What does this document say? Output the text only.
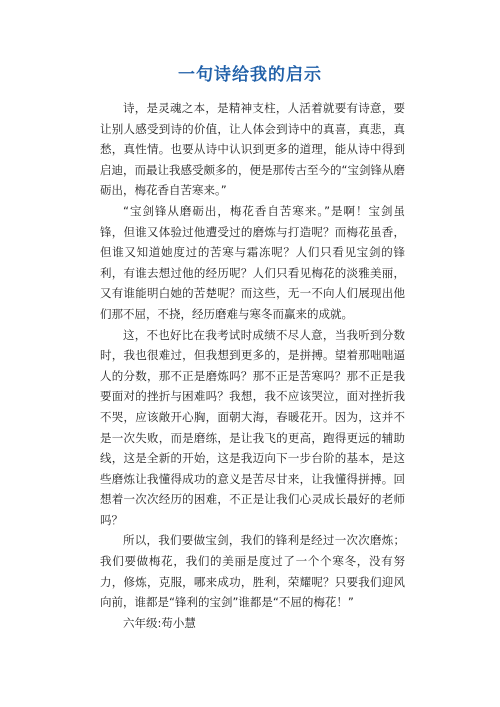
一句诗给我的启示

诗，是灵魂之本，是精神支柱，人活着就要有诗意，要让别人感受到诗的价值，让人体会到诗中的真喜，真悲，真愁，真性情。也要从诗中认识到更多的道理，能从诗中得到启迪，而最让我感受颇多的，便是那传古至今的“宝剑锋从磨砺出，梅花香自苦寒来。”

“宝剑锋从磨砺出，梅花香自苦寒来。”是啊！宝剑虽锋，但谁又体验过他遭受过的磨炼与打造呢？而梅花虽香，但谁又知道她度过的苦寒与霜冻呢？人们只看见宝剑的锋利，有谁去想过他的经历呢？人们只看见梅花的淡雅美丽，又有谁能明白她的苦楚呢？而这些，无一不向人们展现出他们那不屈，不挠，经历磨难与寒冬而赢来的成就。

这，不也好比在我考试时成绩不尽人意，当我听到分数时，我也很难过，但我想到更多的，是拼搏。望着那咄咄逼人的分数，那不正是磨炼吗？那不正是苦寒吗？那不正是我要面对的挫折与困难吗？我想，我不应该哭泣，面对挫折我不哭，应该敞开心胸，面朝大海，春暖花开。因为，这并不是一次失败，而是磨练，是让我飞的更高，跑得更远的辅助线，这是全新的开始，这是我迈向下一步台阶的基本，是这些磨炼让我懂得成功的意义是苦尽甘来，让我懂得拼搏。回想着一次次经历的困难，不正是让我们心灵成长最好的老师吗？

所以，我们要做宝剑，我们的锋利是经过一次次磨炼；我们要做梅花，我们的美丽是度过了一个个寒冬，没有努力，修炼，克服，哪来成功，胜利，荣耀呢？只要我们迎风向前，谁都是“锋利的宝剑”谁都是“不屈的梅花！”

六年级:苟小慧
